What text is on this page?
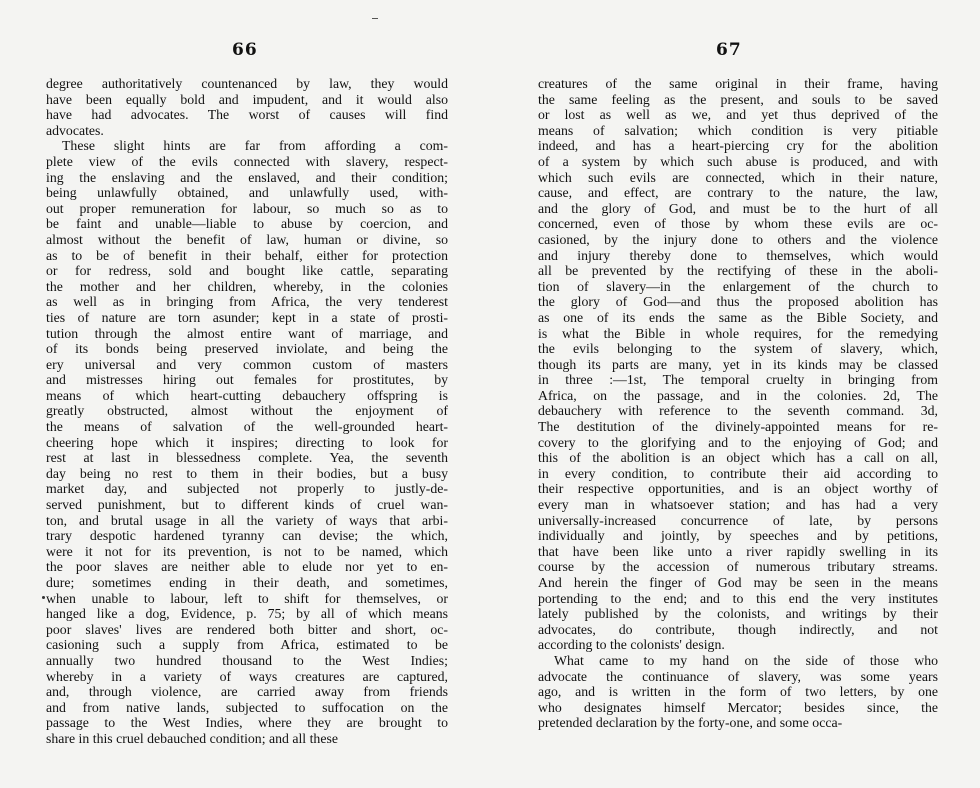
66
degree authoritatively countenanced by law, they would
have been equally bold and impudent, and it would also
have had advocates. The worst of causes will find
advocates.
These slight hints are far from affording a com-
plete view of the evils connected with slavery, respect-
ing the enslaving and the enslaved, and their condition;
being unlawfully obtained, and unlawfully used, with-
out proper remuneration for labour, so much so as to
be faint and unable—liable to abuse by coercion, and
almost without the benefit of law, human or divine, so
as to be of benefit in their behalf, either for protection
or for redress, sold and bought like cattle, separating
the mother and her children, whereby, in the colonies
as well as in bringing from Africa, the very tenderest
ties of nature are torn asunder; kept in a state of prosti-
tution through the almost entire want of marriage, and
of its bonds being preserved inviolate, and being the
ery universal and very common custom of masters
and mistresses hiring out females for prostitutes, by
means of which heart-cutting debauchery offspring is
greatly obstructed, almost without the enjoyment of
the means of salvation of the well-grounded heart-
cheering hope which it inspires; directing to look for
rest at last in blessedness complete. Yea, the seventh
day being no rest to them in their bodies, but a busy
market day, and subjected not properly to justly-de-
served punishment, but to different kinds of cruel wan-
ton, and brutal usage in all the variety of ways that arbi-
trary despotic hardened tyranny can devise; the which,
were it not for its prevention, is not to be named, which
the poor slaves are neither able to elude nor yet to en-
dure; sometimes ending in their death, and sometimes,
when unable to labour, left to shift for themselves, or
hanged like a dog, Evidence, p. 75; by all of which means
poor slaves' lives are rendered both bitter and short, oc-
casioning such a supply from Africa, estimated to be
annually two hundred thousand to the West Indies;
whereby in a variety of ways creatures are captured,
and, through violence, are carried away from friends
and from native lands, subjected to suffocation on the
passage to the West Indies, where they are brought to
share in this cruel debauched condition; and all these
67
creatures of the same original in their frame, having
the same feeling as the present, and souls to be saved
or lost as well as we, and yet thus deprived of the
means of salvation; which condition is very pitiable
indeed, and has a heart-piercing cry for the abolition
of a system by which such abuse is produced, and with
which such evils are connected, which in their nature,
cause, and effect, are contrary to the nature, the law,
and the glory of God, and must be to the hurt of all
concerned, even of those by whom these evils are oc-
casioned, by the injury done to others and the violence
and injury thereby done to themselves, which would
all be prevented by the rectifying of these in the aboli-
tion of slavery—in the enlargement of the church to
the glory of God—and thus the proposed abolition has
as one of its ends the same as the Bible Society, and
is what the Bible in whole requires, for the remedying
the evils belonging to the system of slavery, which,
though its parts are many, yet in its kinds may be classed
in three :—1st, The temporal cruelty in bringing from
Africa, on the passage, and in the colonies. 2d, The
debauchery with reference to the seventh command. 3d,
The destitution of the divinely-appointed means for re-
covery to the glorifying and to the enjoying of God; and
this of the abolition is an object which has a call on all,
in every condition, to contribute their aid according to
their respective opportunities, and is an object worthy of
every man in whatsoever station; and has had a very
universally-increased concurrence of late, by persons
individually and jointly, by speeches and by petitions,
that have been like unto a river rapidly swelling in its
course by the accession of numerous tributary streams.
And herein the finger of God may be seen in the means
portending to the end; and to this end the very institutes
lately published by the colonists, and writings by their
advocates, do contribute, though indirectly, and not
according to the colonists' design.
What came to my hand on the side of those who
advocate the continuance of slavery, was some years
ago, and is written in the form of two letters, by one
who designates himself Mercator; besides since, the
pretended declaration by the forty-one, and some occa-
